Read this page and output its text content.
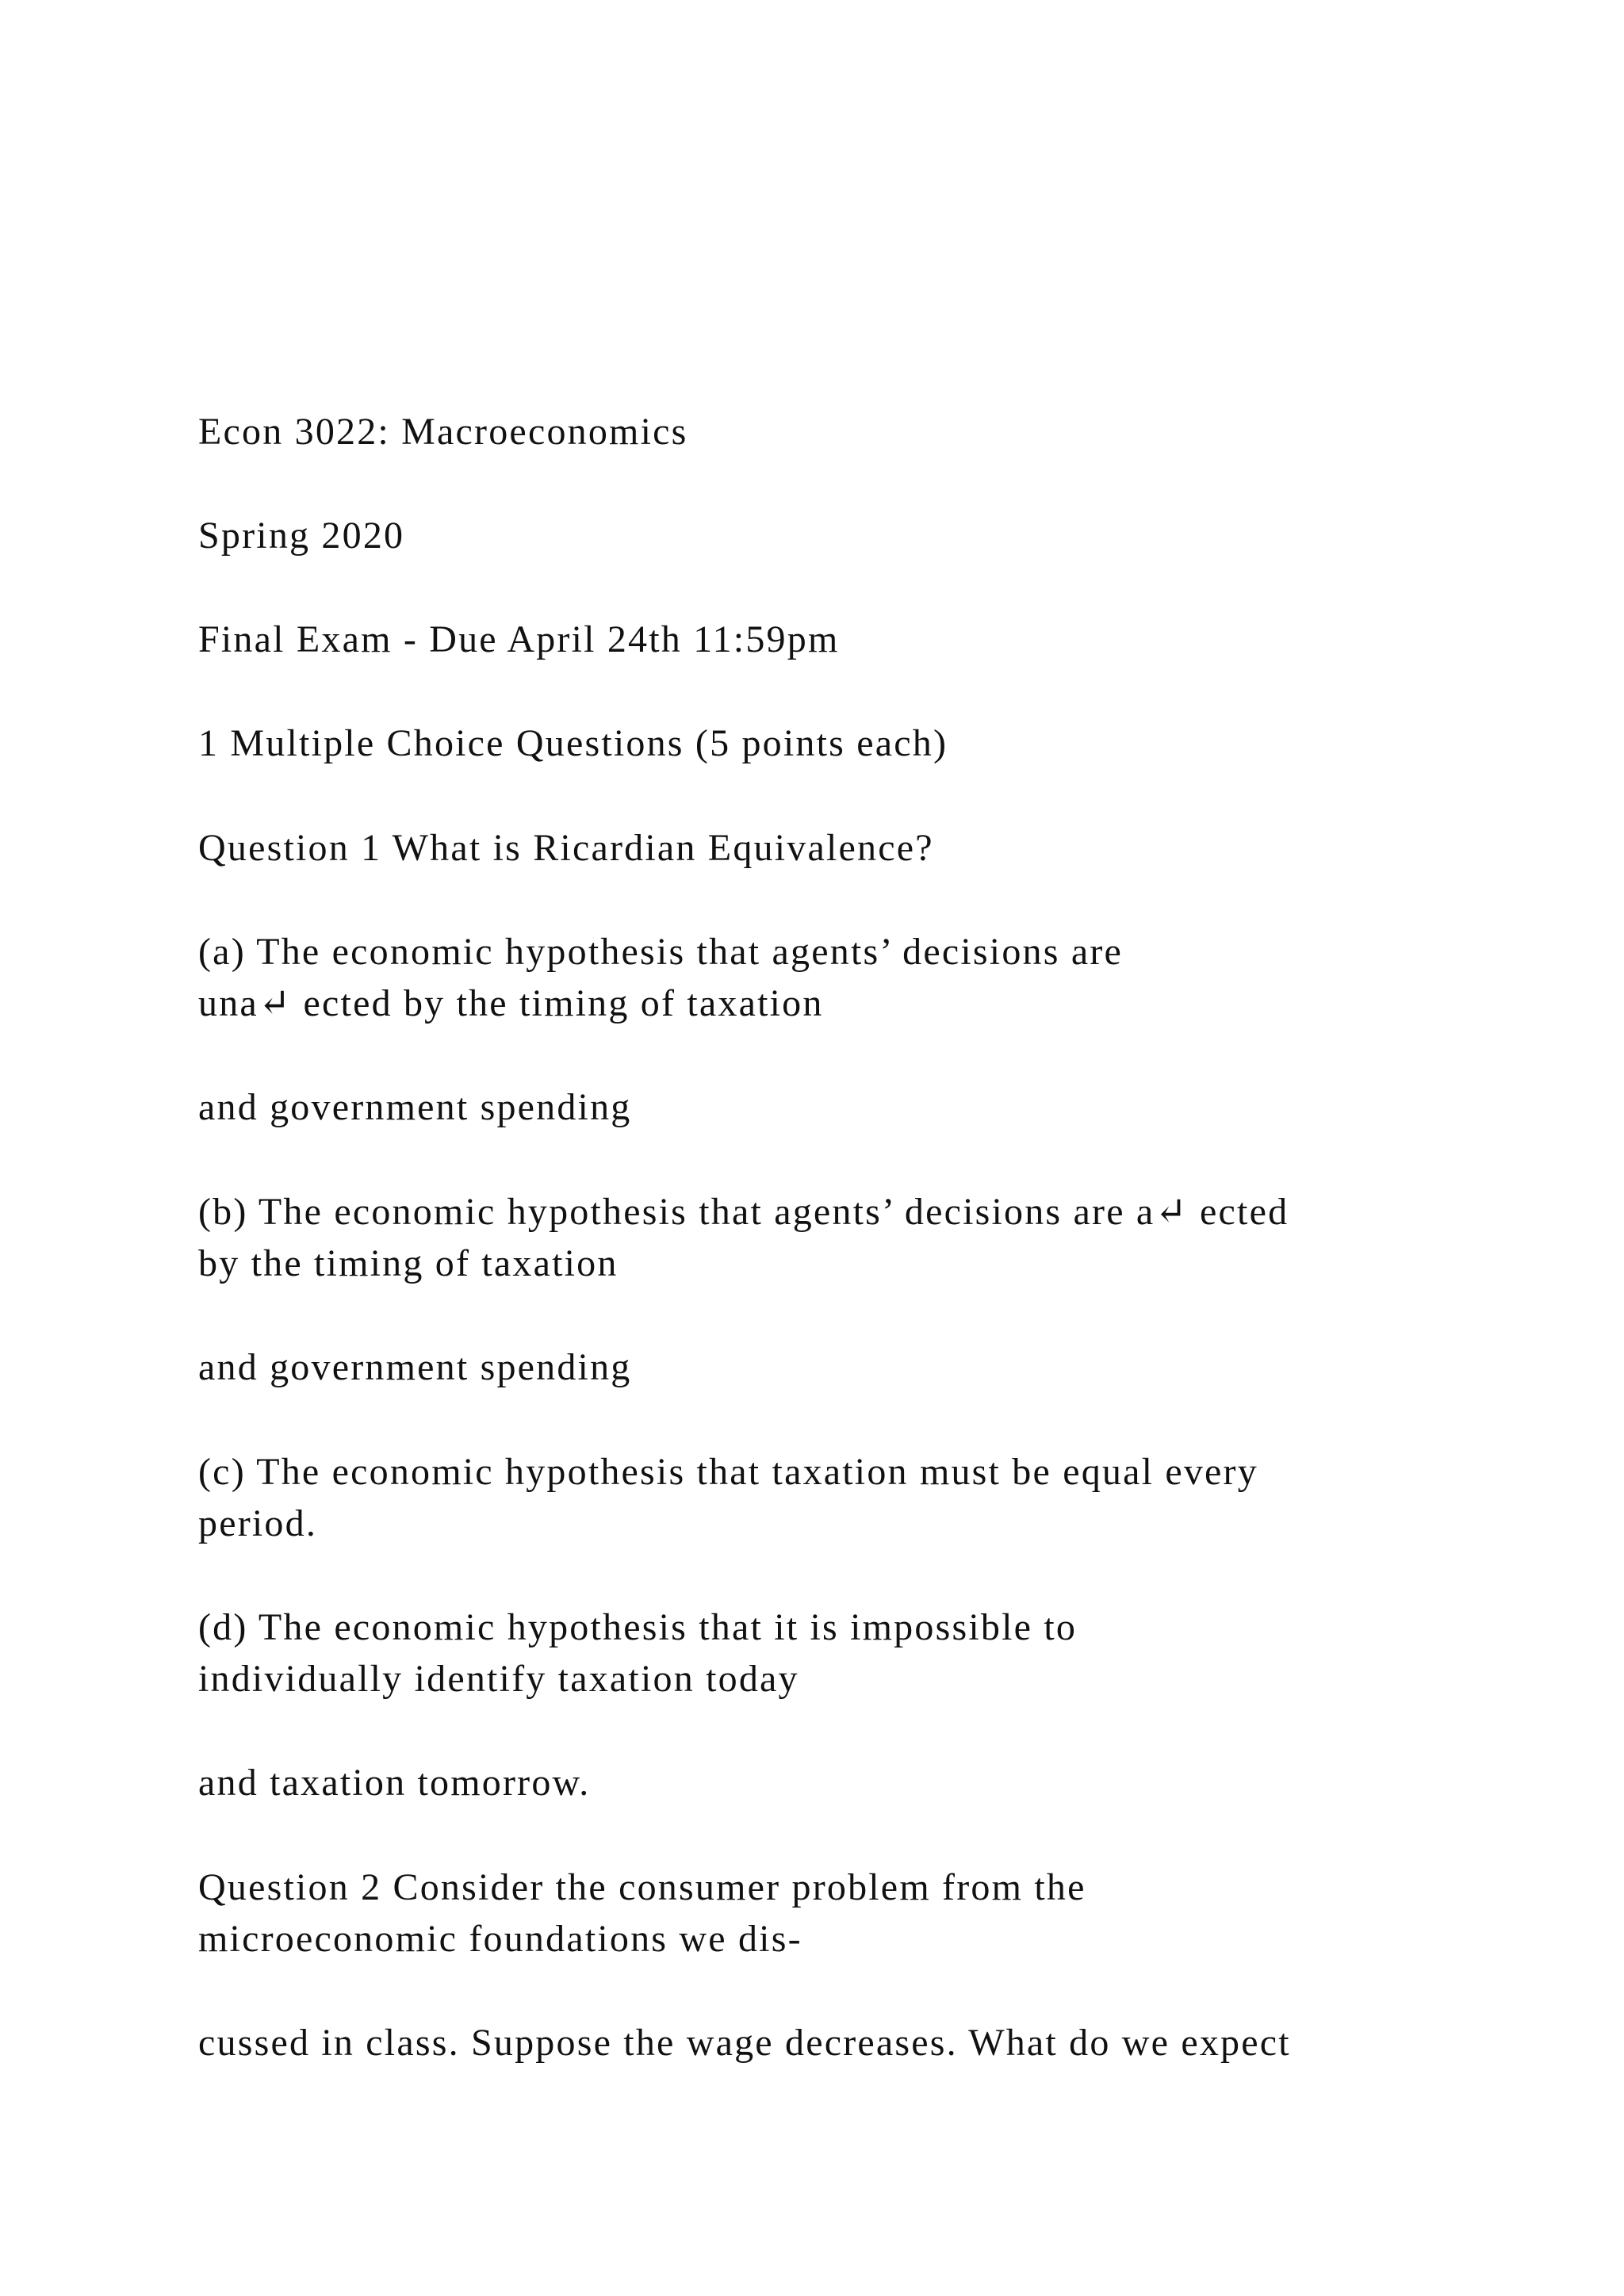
Econ 3022: Macroeconomics

Spring 2020

Final Exam - Due April 24th 11:59pm

1 Multiple Choice Questions (5 points each)

Question 1 What is Ricardian Equivalence?

(a) The economic hypothesis that agents’ decisions are

una↵ ected by the timing of taxation

and government spending

(b) The economic hypothesis that agents’ decisions are a↵ ected

by the timing of taxation

and government spending

(c) The economic hypothesis that taxation must be equal every

period.

(d) The economic hypothesis that it is impossible to

individually identify taxation today

and taxation tomorrow.

Question 2 Consider the consumer problem from the

microeconomic foundations we dis-

cussed in class. Suppose the wage decreases. What do we expect
